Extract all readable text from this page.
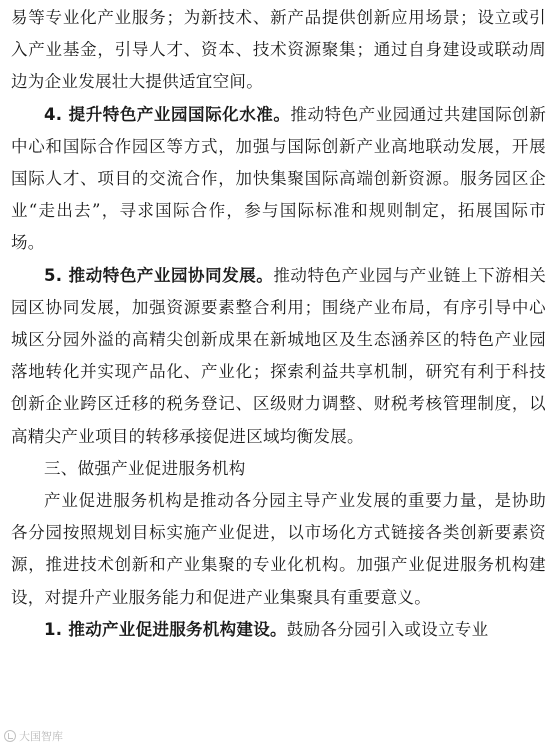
易等专业化产业服务；为新技术、新产品提供创新应用场景；设立或引入产业基金，引导人才、资本、技术资源聚集；通过自身建设或联动周边为企业发展壮大提供适宜空间。

4. 提升特色产业园国际化水准。推动特色产业园通过共建国际创新中心和国际合作园区等方式，加强与国际创新产业高地联动发展，开展国际人才、项目的交流合作，加快集聚国际高端创新资源。服务园区企业“走出去”，寻求国际合作，参与国际标准和规则制定，拓展国际市场。

5. 推动特色产业园协同发展。推动特色产业园与产业链上下游相关园区协同发展，加强资源要素整合利用；围绕产业布局，有序引导中心城区分园外溢的高精尖创新成果在新城地区及生态涵养区的特色产业园落地转化并实现产品化、产业化；探索利益共享机制，研究有利于科技创新企业跨区迁移的税务登记、区级财力调整、财税考核管理制度，以高精尖产业项目的转移承接促进区域均衡发展。

三、做强产业促进服务机构

产业促进服务机构是推动各分园主导产业发展的重要力量，是协助各分园按照规划目标实施产业促进，以市场化方式链接各类创新要素资源，推进技术创新和产业集聚的专业化机构。加强产业促进服务机构建设，对提升产业服务能力和促进产业集聚具有重要意义。

1. 推动产业促进服务机构建设。鼓励各分园引入或设立专业

大国智库
